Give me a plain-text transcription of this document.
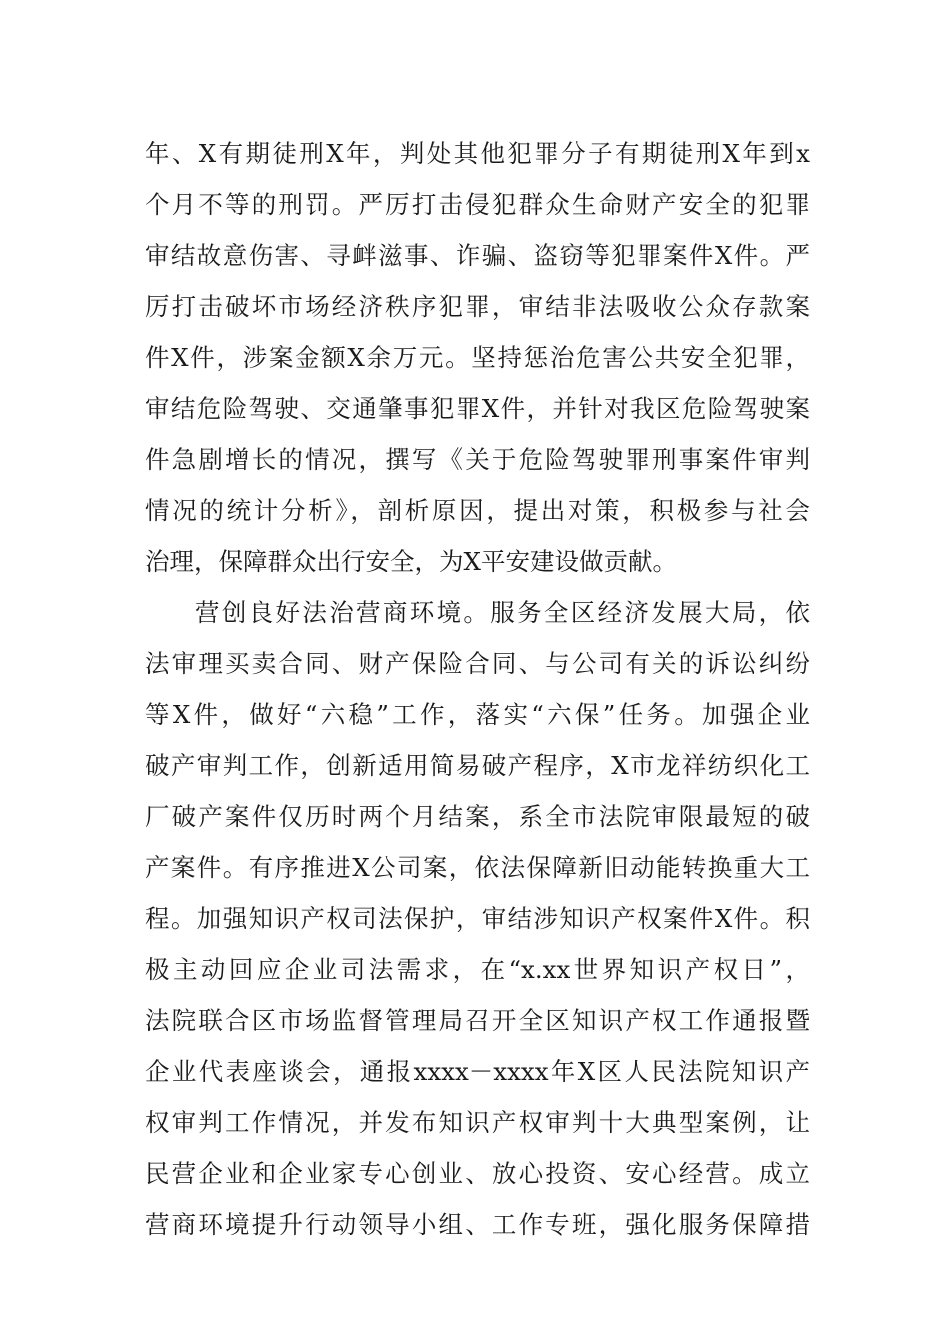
年、X有期徒刑X年，判处其他犯罪分子有期徒刑X年到x
个月不等的刑罚。严厉打击侵犯群众生命财产安全的犯罪
审结故意伤害、寻衅滋事、诈骗、盗窃等犯罪案件X件。严
厉打击破坏市场经济秩序犯罪，审结非法吸收公众存款案
件X件，涉案金额X余万元。坚持惩治危害公共安全犯罪，
审结危险驾驶、交通肇事犯罪X件，并针对我区危险驾驶案
件急剧增长的情况，撰写《关于危险驾驶罪刑事案件审判
情况的统计分析》，剖析原因，提出对策，积极参与社会
治理，保障群众出行安全，为X平安建设做贡献。
营创良好法治营商环境。服务全区经济发展大局，依
法审理买卖合同、财产保险合同、与公司有关的诉讼纠纷
等X件，做好“六稳”工作，落实“六保”任务。加强企业
破产审判工作，创新适用简易破产程序，X市龙祥纺织化工
厂破产案件仅历时两个月结案，系全市法院审限最短的破
产案件。有序推进X公司案，依法保障新旧动能转换重大工
程。加强知识产权司法保护，审结涉知识产权案件X件。积
极主动回应企业司法需求，在“x.xx世界知识产权日”，
法院联合区市场监督管理局召开全区知识产权工作通报暨
企业代表座谈会，通报xxxx－xxxx年X区人民法院知识产
权审判工作情况，并发布知识产权审判十大典型案例，让
民营企业和企业家专心创业、放心投资、安心经营。成立
营商环境提升行动领导小组、工作专班，强化服务保障措
